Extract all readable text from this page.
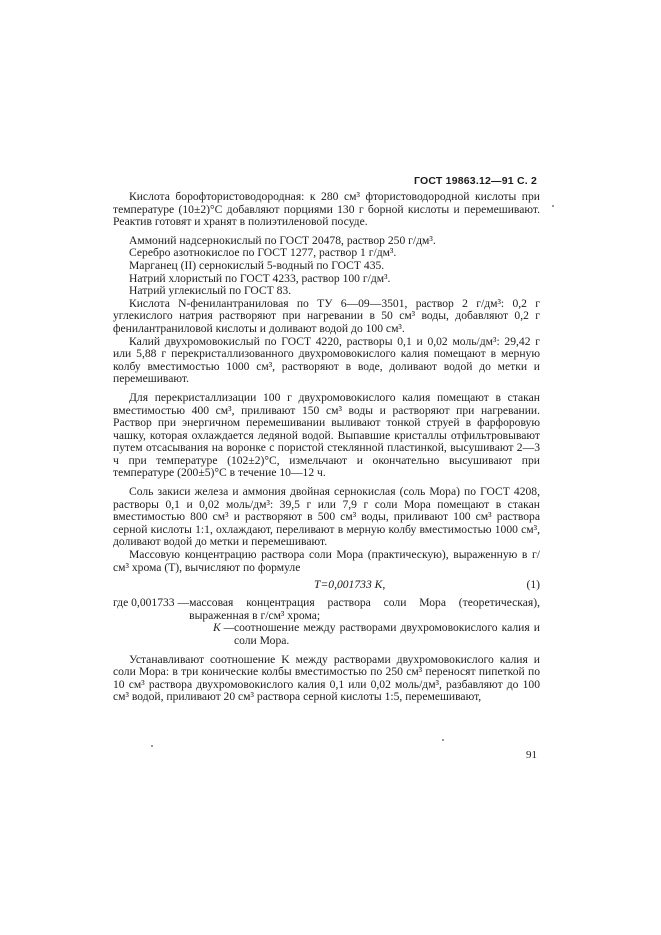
ГОСТ 19863.12—91 С. 2

Кислота борофтористоводородная: к 280 см³ фтористоводородной кислоты при температуре (10±2)°С добавляют порциями 130 г борной кислоты и перемешивают. Реактив готовят и хранят в полиэтиленовой посуде.

Аммоний надсернокислый по ГОСТ 20478, раствор 250 г/дм³.

Серебро азотнокислое по ГОСТ 1277, раствор 1 г/дм³.

Марганец (II) сернокислый 5-водный по ГОСТ 435.

Натрий хлористый по ГОСТ 4233, раствор 100 г/дм³.

Натрий углекислый по ГОСТ 83.

Кислота N-фенилантраниловая по ТУ 6—09—3501, раствор 2 г/дм³: 0,2 г углекислого натрия растворяют при нагревании в 50 см³ воды, добавляют 0,2 г фенилантраниловой кислоты и доливают водой до 100 см³.

Калий двухромовокислый по ГОСТ 4220, растворы 0,1 и 0,02 моль/дм³: 29,42 г или 5,88 г перекристаллизованного двухромовокислого калия помещают в мерную колбу вместимостью 1000 см³, растворяют в воде, доливают водой до метки и перемешивают.

Для перекристаллизации 100 г двухромовокислого калия помещают в стакан вместимостью 400 см³, приливают 150 см³ воды и растворяют при нагревании. Раствор при энергичном перемешивании выливают тонкой струей в фарфоровую чашку, которая охлаждается ледяной водой. Выпавшие кристаллы отфильтровывают путем отсасывания на воронке с пористой стеклянной пластинкой, высушивают 2—3 ч при температуре (102±2)°С, измельчают и окончательно высушивают при температуре (200±5)°С в течение 10—12 ч.

Соль закиси железа и аммония двойная сернокислая (соль Мора) по ГОСТ 4208, растворы 0,1 и 0,02 моль/дм³: 39,5 г или 7,9 г соли Мора помещают в стакан вместимостью 800 см³ и растворяют в 500 см³ воды, приливают 100 см³ раствора серной кислоты 1:1, охлаждают, переливают в мерную колбу вместимостью 1000 см³, доливают водой до метки и перемешивают.

Массовую концентрацию раствора соли Мора (практическую), выраженную в г/см³ хрома (T), вычисляют по формуле

T=0,001733 K,	(1)
где 0,001733 — массовая концентрация раствора соли Мора (теоретическая), выраженная в г/см³ хрома;
K — соотношение между растворами двухромовокислого калия и соли Мора.

Устанавливают соотношение K между растворами двухромовокислого калия и соли Мора: в три конические колбы вместимостью по 250 см³ переносят пипеткой по 10 см³ раствора двухромовокислого калия 0,1 или 0,02 моль/дм³, разбавляют до 100 см³ водой, приливают 20 см³ раствора серной кислоты 1:5, перемешивают,

91
